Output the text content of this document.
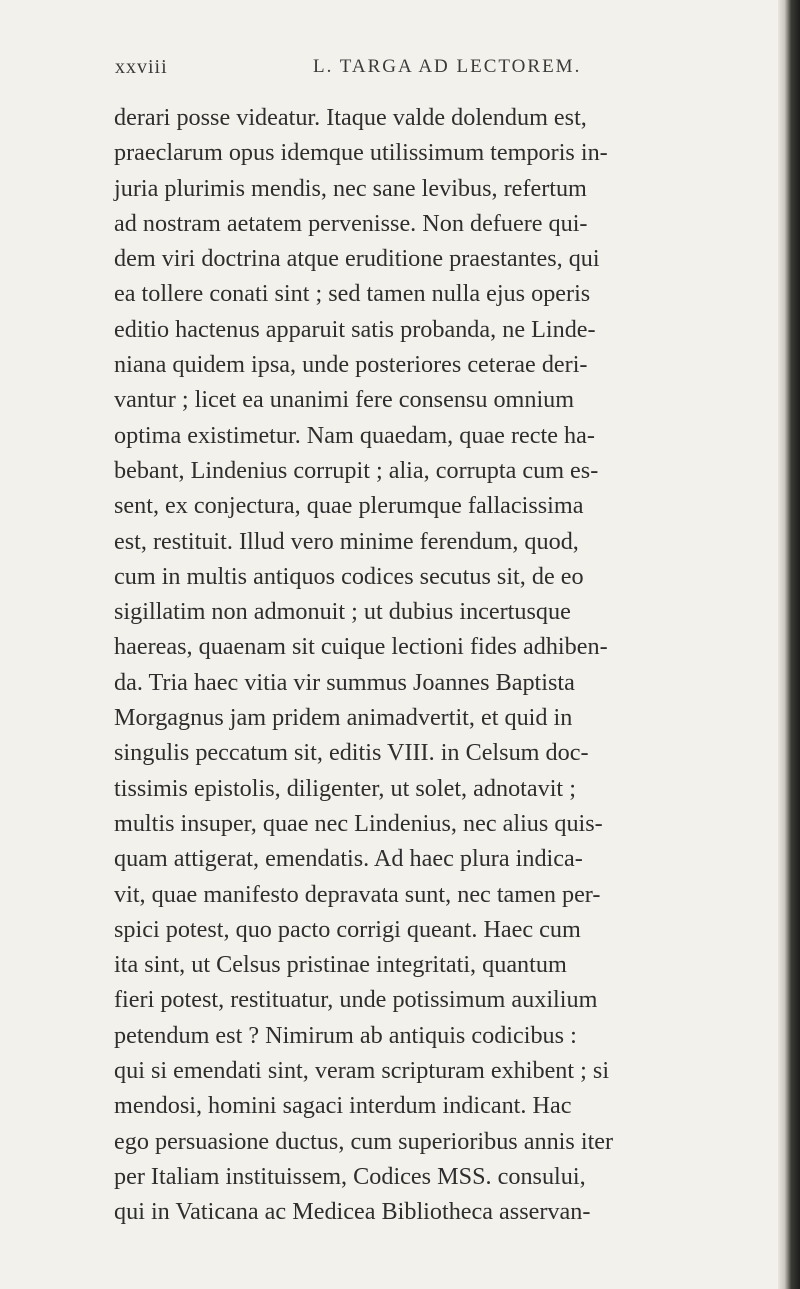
xxviii	L. TARGA AD LECTOREM.
derari posse videatur. Itaque valde dolendum est,
praeclarum opus idemque utilissimum temporis in-
juria plurimis mendis, nec sane levibus, refertum
ad nostram aetatem pervenisse. Non defuere qui-
dem viri doctrina atque eruditione praestantes, qui
ea tollere conati sint ; sed tamen nulla ejus operis
editio hactenus apparuit satis probanda, ne Linde-
niana quidem ipsa, unde posteriores ceterae deri-
vantur ; licet ea unanimi fere consensu omnium
optima existimetur. Nam quaedam, quae recte ha-
bebant, Lindenius corrupit ; alia, corrupta cum es-
sent, ex conjectura, quae plerumque fallacissima
est, restituit. Illud vero minime ferendum, quod,
cum in multis antiquos codices secutus sit, de eo
sigillatim non admonuit ; ut dubius incertusque
haereas, quaenam sit cuique lectioni fides adhiben-
da. Tria haec vitia vir summus Joannes Baptista
Morgagnus jam pridem animadvertit, et quid in
singulis peccatum sit, editis VIII. in Celsum doc-
tissimis epistolis, diligenter, ut solet, adnotavit ;
multis insuper, quae nec Lindenius, nec alius quis-
quam attigerat, emendatis. Ad haec plura indica-
vit, quae manifesto depravata sunt, nec tamen per-
spici potest, quo pacto corrigi queant. Haec cum
ita sint, ut Celsus pristinae integritati, quantum
fieri potest, restituatur, unde potissimum auxilium
petendum est ? Nimirum ab antiquis codicibus :
qui si emendati sint, veram scripturam exhibent ; si
mendosi, homini sagaci interdum indicant. Hac
ego persuasione ductus, cum superioribus annis iter
per Italiam instituissem, Codices MSS. consului,
qui in Vaticana ac Medicea Bibliotheca asservan-
